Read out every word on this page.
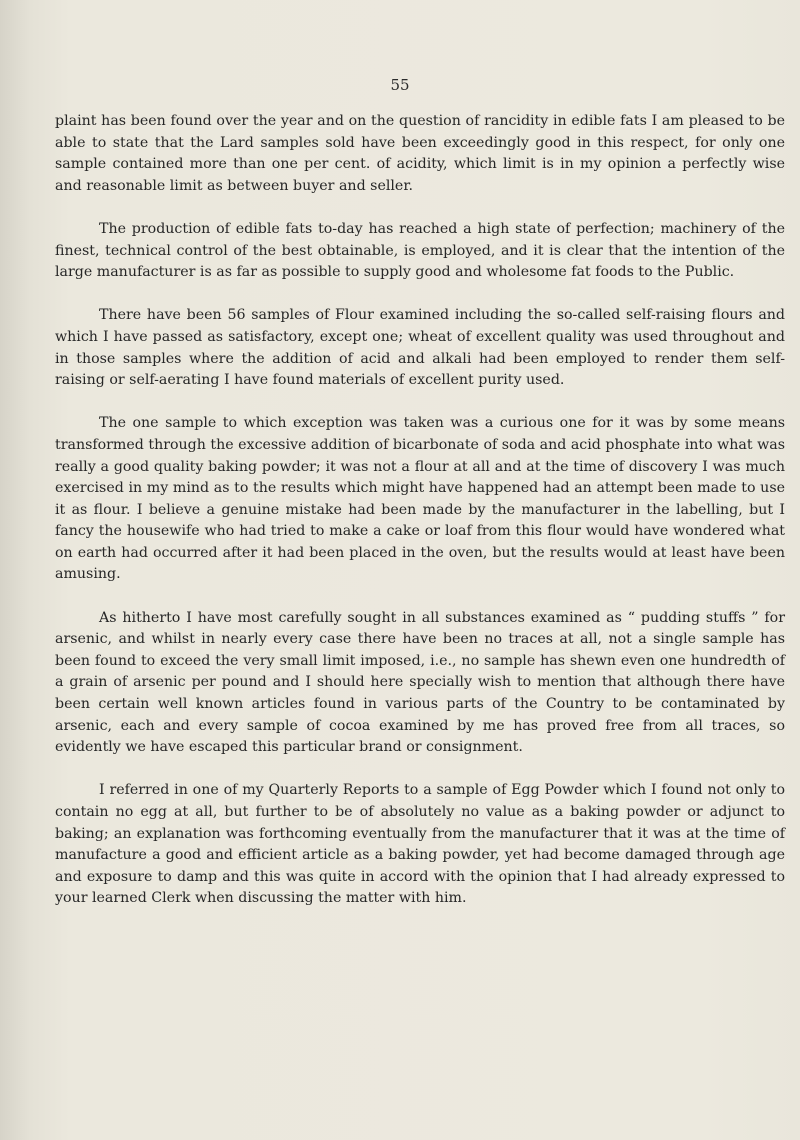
55

plaint has been found over the year and on the question of rancidity in edible fats I am pleased to be able to state that the Lard samples sold have been exceedingly good in this respect, for only one sample contained more than one per cent. of acidity, which limit is in my opinion a perfectly wise and reasonable limit as between buyer and seller.

The production of edible fats to-day has reached a high state of perfection; machinery of the finest, technical control of the best obtainable, is employed, and it is clear that the intention of the large manufacturer is as far as possible to supply good and wholesome fat foods to the Public.

There have been 56 samples of Flour examined including the so-called self-raising flours and which I have passed as satisfactory, except one; wheat of excellent quality was used throughout and in those samples where the addition of acid and alkali had been employed to render them self-raising or self-aerating I have found materials of excellent purity used.

The one sample to which exception was taken was a curious one for it was by some means transformed through the excessive addition of bicarbonate of soda and acid phosphate into what was really a good quality baking powder; it was not a flour at all and at the time of discovery I was much exercised in my mind as to the results which might have happened had an attempt been made to use it as flour. I believe a genuine mistake had been made by the manufacturer in the labelling, but I fancy the housewife who had tried to make a cake or loaf from this flour would have wondered what on earth had occurred after it had been placed in the oven, but the results would at least have been amusing.

As hitherto I have most carefully sought in all substances examined as “ pudding stuffs ” for arsenic, and whilst in nearly every case there have been no traces at all, not a single sample has been found to exceed the very small limit imposed, i.e., no sample has shewn even one hundredth of a grain of arsenic per pound and I should here specially wish to mention that although there have been certain well known articles found in various parts of the Country to be contaminated by arsenic, each and every sample of cocoa examined by me has proved free from all traces, so evidently we have escaped this particular brand or consignment.

I referred in one of my Quarterly Reports to a sample of Egg Powder which I found not only to contain no egg at all, but further to be of absolutely no value as a baking powder or adjunct to baking; an explanation was forthcoming eventually from the manufacturer that it was at the time of manufacture a good and efficient article as a baking powder, yet had become damaged through age and exposure to damp and this was quite in accord with the opinion that I had already expressed to your learned Clerk when discussing the matter with him.
